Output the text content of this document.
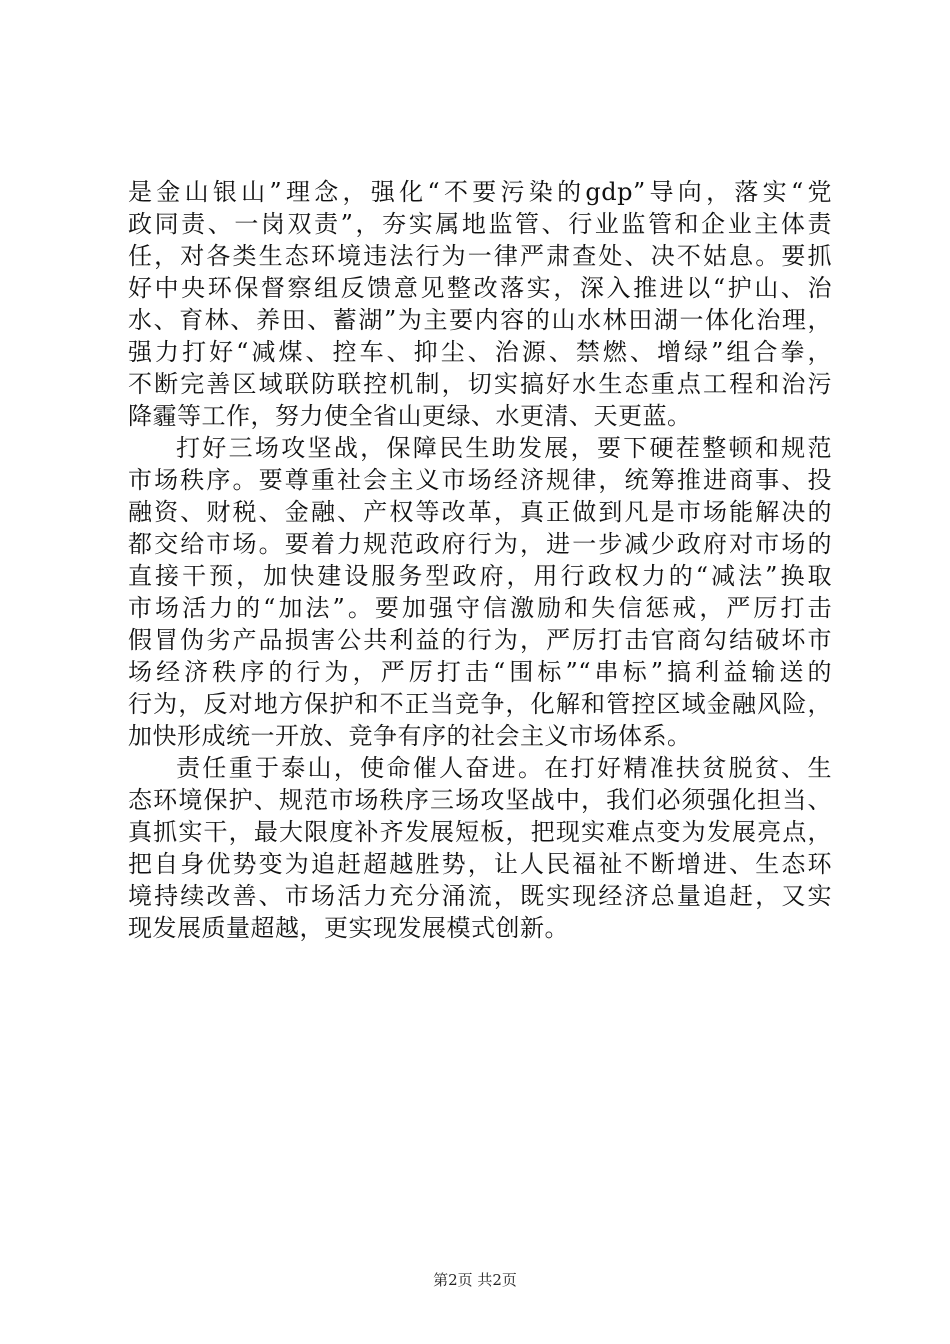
是金山银山”理念，强化“不要污染的gdp”导向，落实“党
政同责、一岗双责”，夯实属地监管、行业监管和企业主体责
任，对各类生态环境违法行为一律严肃查处、决不姑息。要抓
好中央环保督察组反馈意见整改落实，深入推进以“护山、治
水、育林、养田、蓄湖”为主要内容的山水林田湖一体化治理，
强力打好“减煤、控车、抑尘、治源、禁燃、增绿”组合拳，
不断完善区域联防联控机制，切实搞好水生态重点工程和治污
降霾等工作，努力使全省山更绿、水更清、天更蓝。
打好三场攻坚战，保障民生助发展，要下硬茬整顿和规范
市场秩序。要尊重社会主义市场经济规律，统筹推进商事、投
融资、财税、金融、产权等改革，真正做到凡是市场能解决的
都交给市场。要着力规范政府行为，进一步减少政府对市场的
直接干预，加快建设服务型政府，用行政权力的“减法”换取
市场活力的“加法”。要加强守信激励和失信惩戒，严厉打击
假冒伪劣产品损害公共利益的行为，严厉打击官商勾结破坏市
场经济秩序的行为，严厉打击“围标”“串标”搞利益输送的
行为，反对地方保护和不正当竞争，化解和管控区域金融风险，
加快形成统一开放、竞争有序的社会主义市场体系。
责任重于泰山，使命催人奋进。在打好精准扶贫脱贫、生
态环境保护、规范市场秩序三场攻坚战中，我们必须强化担当、
真抓实干，最大限度补齐发展短板，把现实难点变为发展亮点，
把自身优势变为追赶超越胜势，让人民福祉不断增进、生态环
境持续改善、市场活力充分涌流，既实现经济总量追赶，又实
现发展质量超越，更实现发展模式创新。
第2页 共2页
